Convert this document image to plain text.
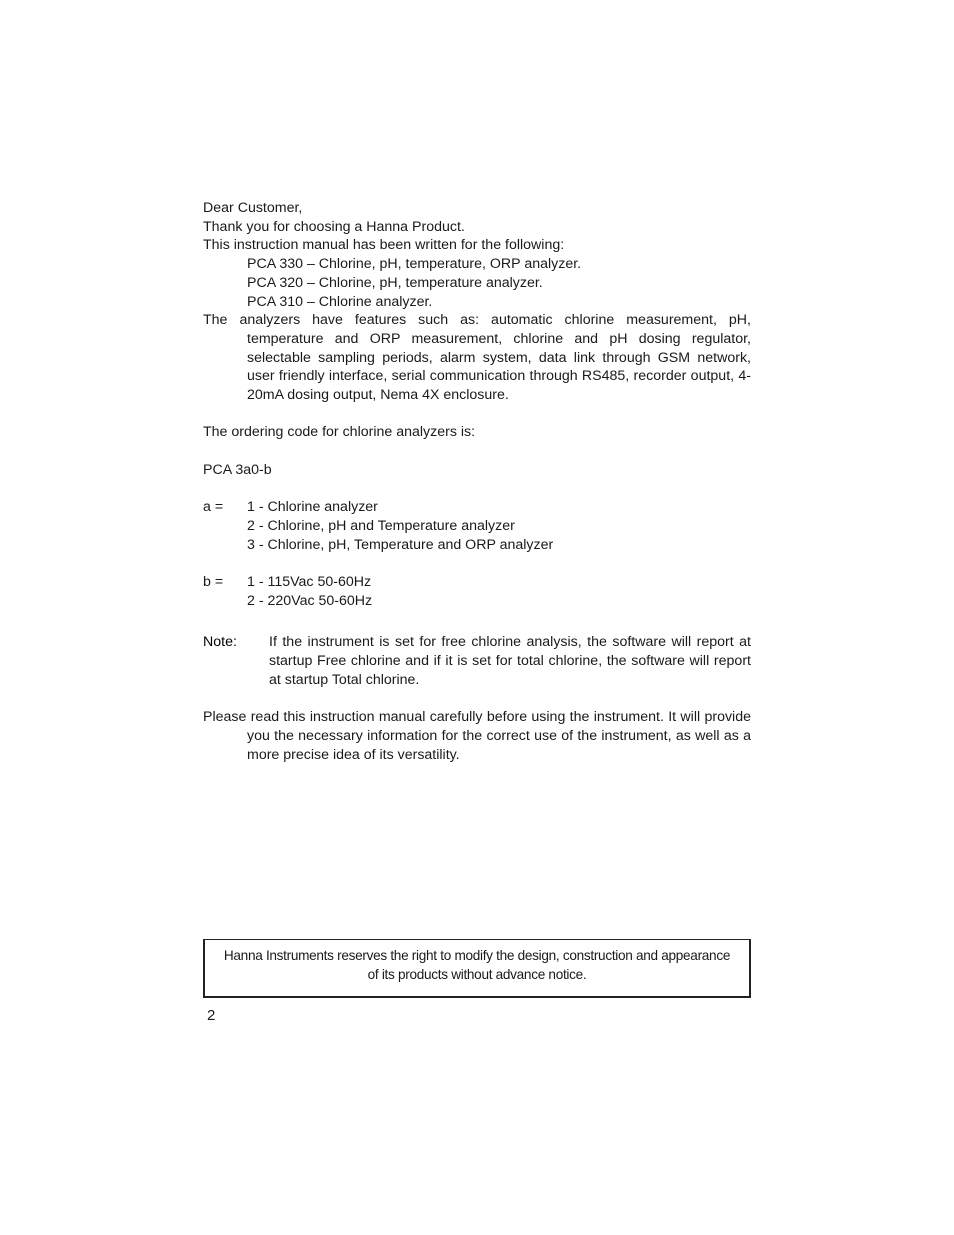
Dear Customer,
Thank you for choosing a Hanna Product.
This instruction manual has been written for the following:
PCA 330 – Chlorine, pH, temperature, ORP analyzer.
PCA 320 – Chlorine, pH, temperature analyzer.
PCA 310 – Chlorine analyzer.
The analyzers have features such as: automatic chlorine measurement, pH, temperature and ORP measurement, chlorine and pH dosing regulator, selectable sampling periods, alarm system, data link through GSM network, user friendly interface, serial communication through RS485, recorder output, 4-20mA dosing output, Nema 4X enclosure.
The ordering code for chlorine analyzers is:
PCA 3a0-b
a =	1 - Chlorine analyzer
2 - Chlorine, pH and Temperature analyzer
3 - Chlorine, pH, Temperature and ORP analyzer
b =	1 - 115Vac 50-60Hz
2 - 220Vac 50-60Hz
Note:	If the instrument is set for free chlorine analysis, the software will report at startup Free chlorine and if it is set for total chlorine, the software will report at startup Total chlorine.
Please read this instruction manual carefully before using the instrument. It will provide you the necessary information for the correct use of the instrument, as well as a more precise idea of its versatility.
Hanna Instruments reserves the right to modify the design, construction and appearance
of its products without advance notice.
2
